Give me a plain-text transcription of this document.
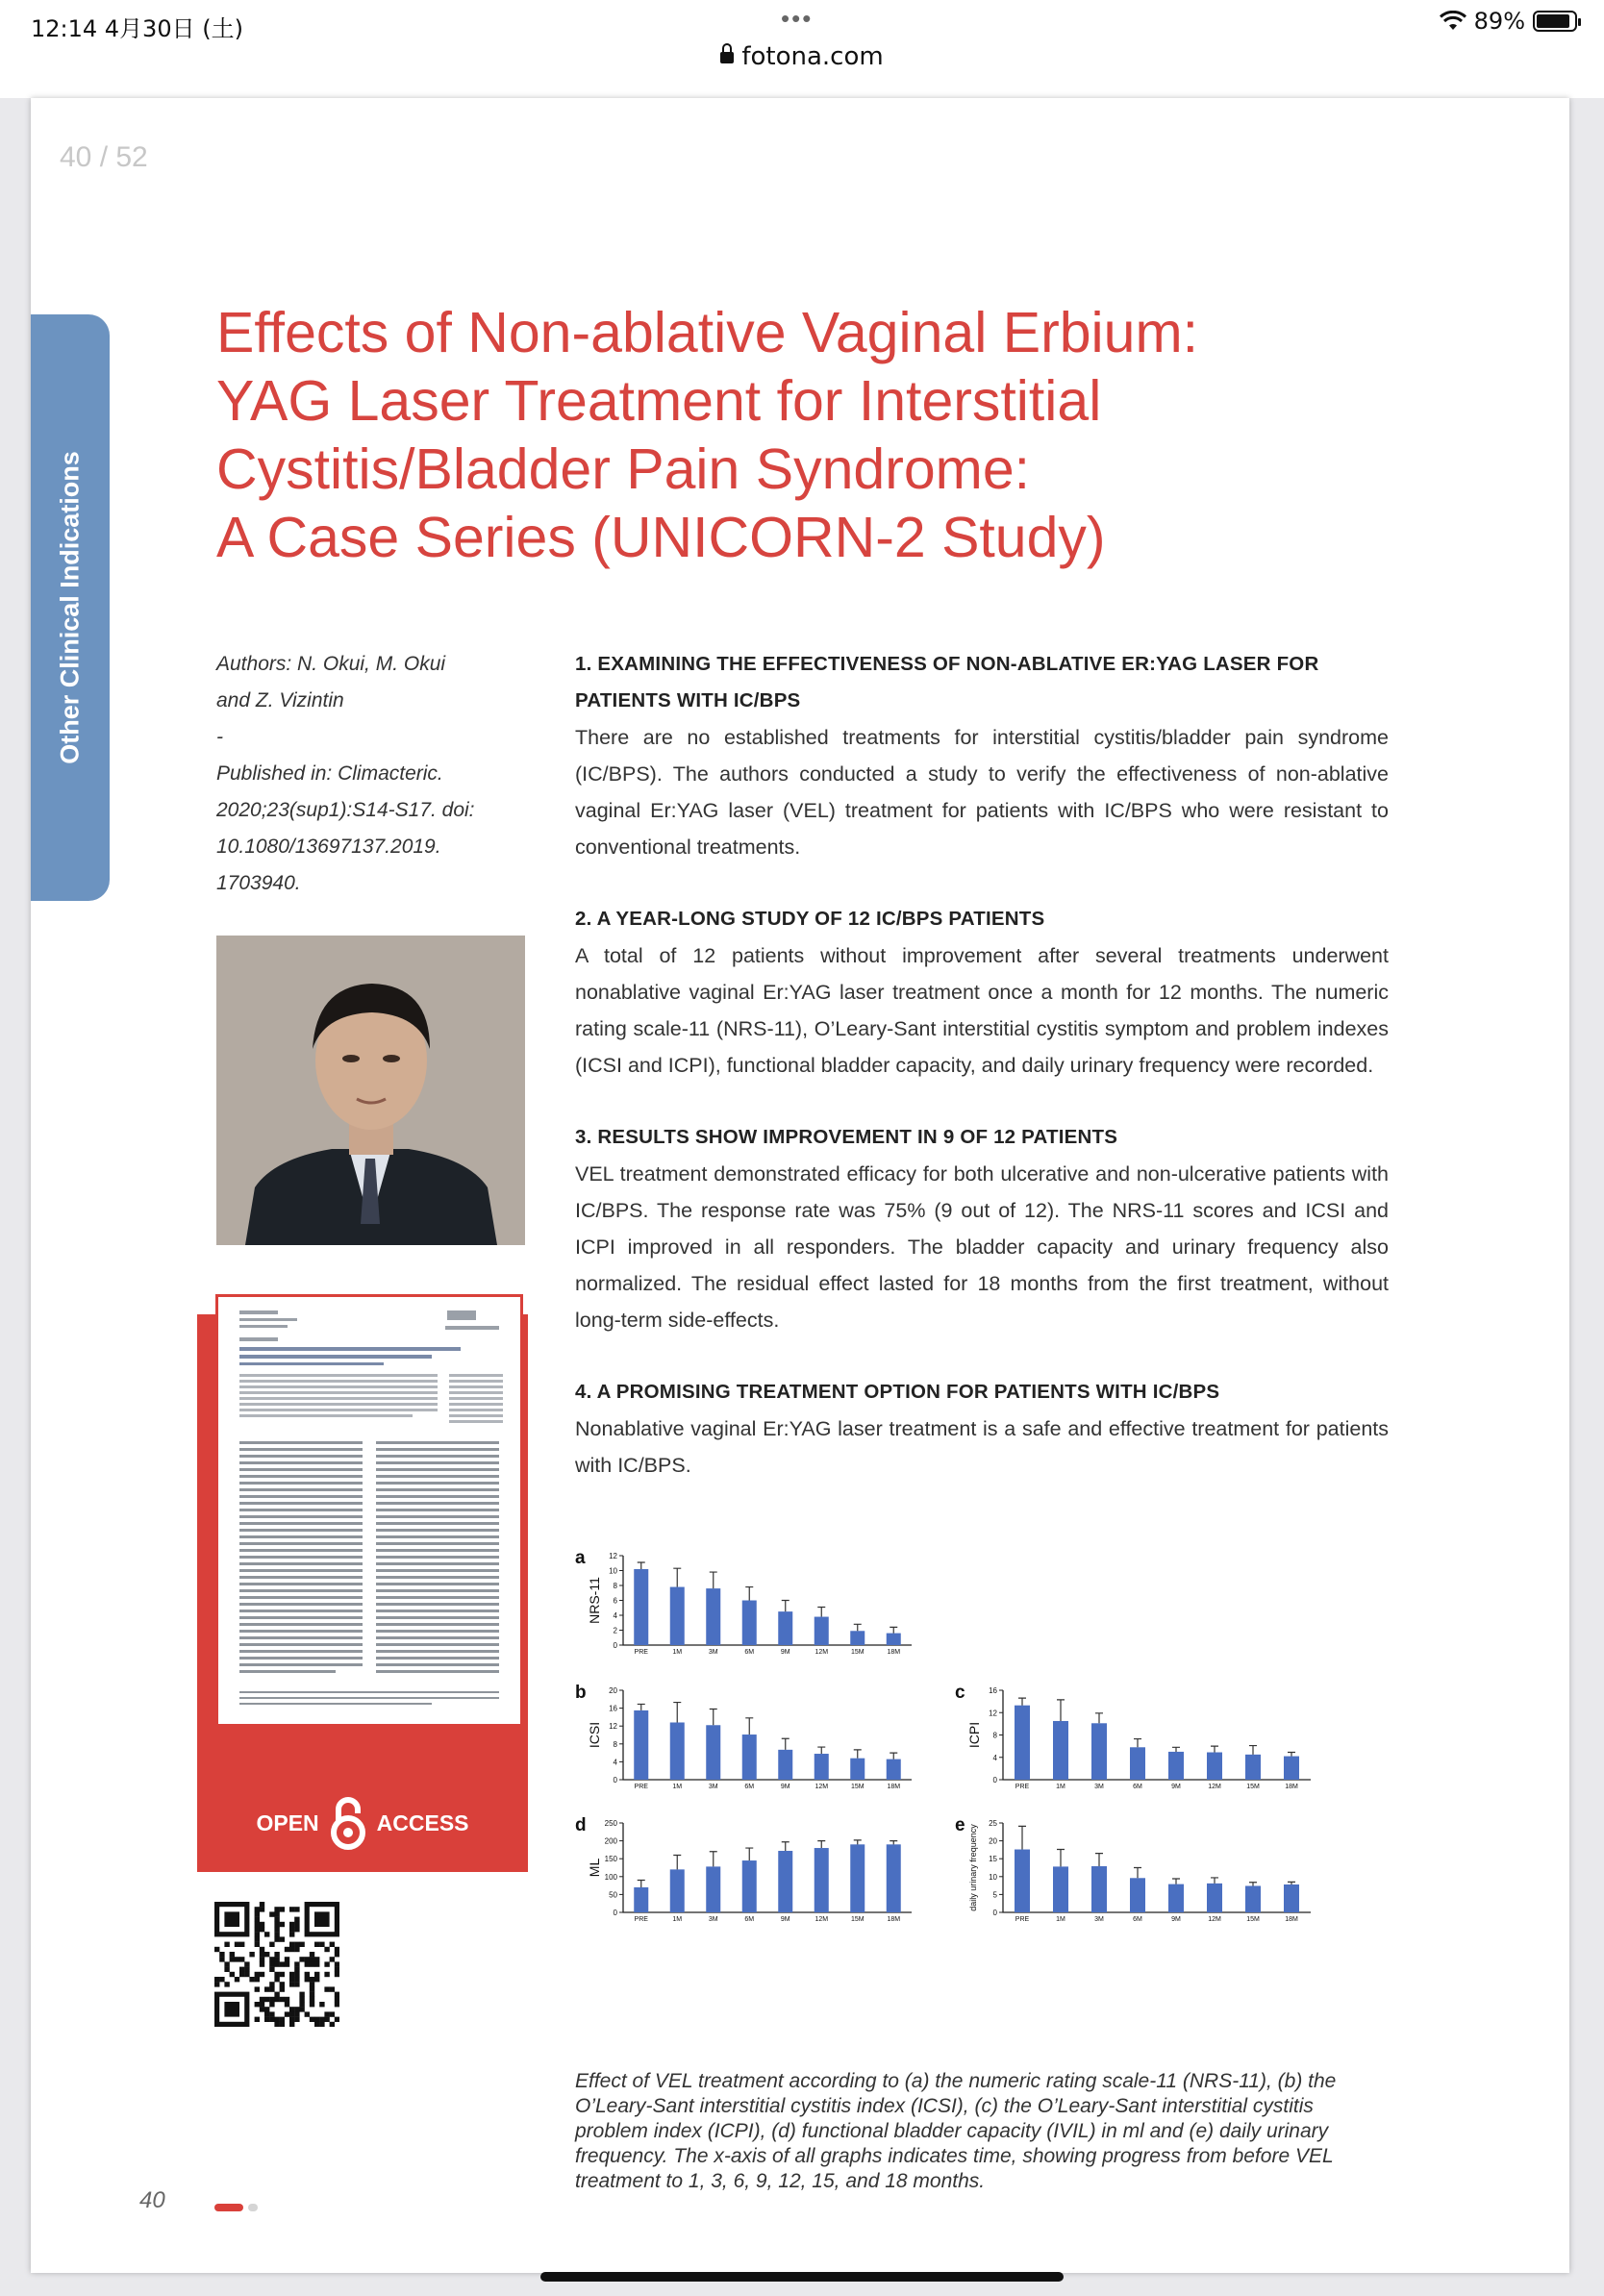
12:14 4月30日 (土)	•••
fotona.com
89%
40 / 52
Other Clinical Indications
Effects of Non-ablative Vaginal Erbium:
YAG Laser Treatment for Interstitial
Cystitis/Bladder Pain Syndrome:
A Case Series (UNICORN-2 Study)
Authors: N. Okui, M. Okui
and Z. Vizintin
-
Published in: Climacteric.
2020;23(sup1):S14-S17. doi:
10.1080/13697137.2019.
1703940.
OPEN	ACCESS
1. EXAMINING THE EFFECTIVENESS OF NON-ABLATIVE ER:YAG LASER FOR
PATIENTS WITH IC/BPS

There are no established treatments for interstitial cystitis/bladder pain syndrome (IC/BPS). The authors conducted a study to verify the effectiveness of non-ablative vaginal Er:YAG laser (VEL) treatment for patients with IC/BPS who were resistant to conventional treatments.

2. A YEAR-LONG STUDY OF 12 IC/BPS PATIENTS

A total of 12 patients without improvement after several treatments underwent nonablative vaginal Er:YAG laser treatment once a month for 12 months. The numeric rating scale-11 (NRS-11), O’Leary-Sant interstitial cystitis symptom and problem indexes (ICSI and ICPI), functional bladder capacity, and daily urinary frequency were recorded.

3. RESULTS SHOW IMPROVEMENT IN 9 OF 12 PATIENTS

VEL treatment demonstrated efficacy for both ulcerative and non-ulcerative patients with IC/BPS. The response rate was 75% (9 out of 12). The NRS-11 scores and ICSI and ICPI improved in all responders. The bladder capacity and urinary frequency also normalized. The residual effect lasted for 18 months from the first treatment, without long-term side-effects.

4. A PROMISING TREATMENT OPTION FOR PATIENTS WITH IC/BPS

Nonablative vaginal Er:YAG laser treatment is a safe and effective treatment for patients with IC/BPS.

a
NRS-11
0
2
4
6
8
10
12
PRE	1M	3M	6M	9M	12M	15M	18M
b
ICSI
0
4
8
12
16
20
PRE	1M	3M	6M	9M	12M	15M	18M
c
ICPI
0
4
8
12
16
PRE	1M	3M	6M	9M	12M	15M	18M
d
ML
0
50
100
150
200
250
PRE	1M	3M	6M	9M	12M	15M	18M
e daily urinary frequency
0
5
10
15
20
25
PRE	1M	3M	6M	9M	12M	15M	18M
Effect of VEL treatment according to (a) the numeric rating scale-11 (NRS-11), (b) the O’Leary-Sant interstitial cystitis index (ICSI), (c) the O’Leary-Sant interstitial cystitis problem index (ICPI), (d) functional bladder capacity (IVIL) in ml and (e) daily urinary frequency. The x-axis of all graphs indicates time, showing progress from before VEL treatment to 1, 3, 6, 9, 12, 15, and 18 months.
40
